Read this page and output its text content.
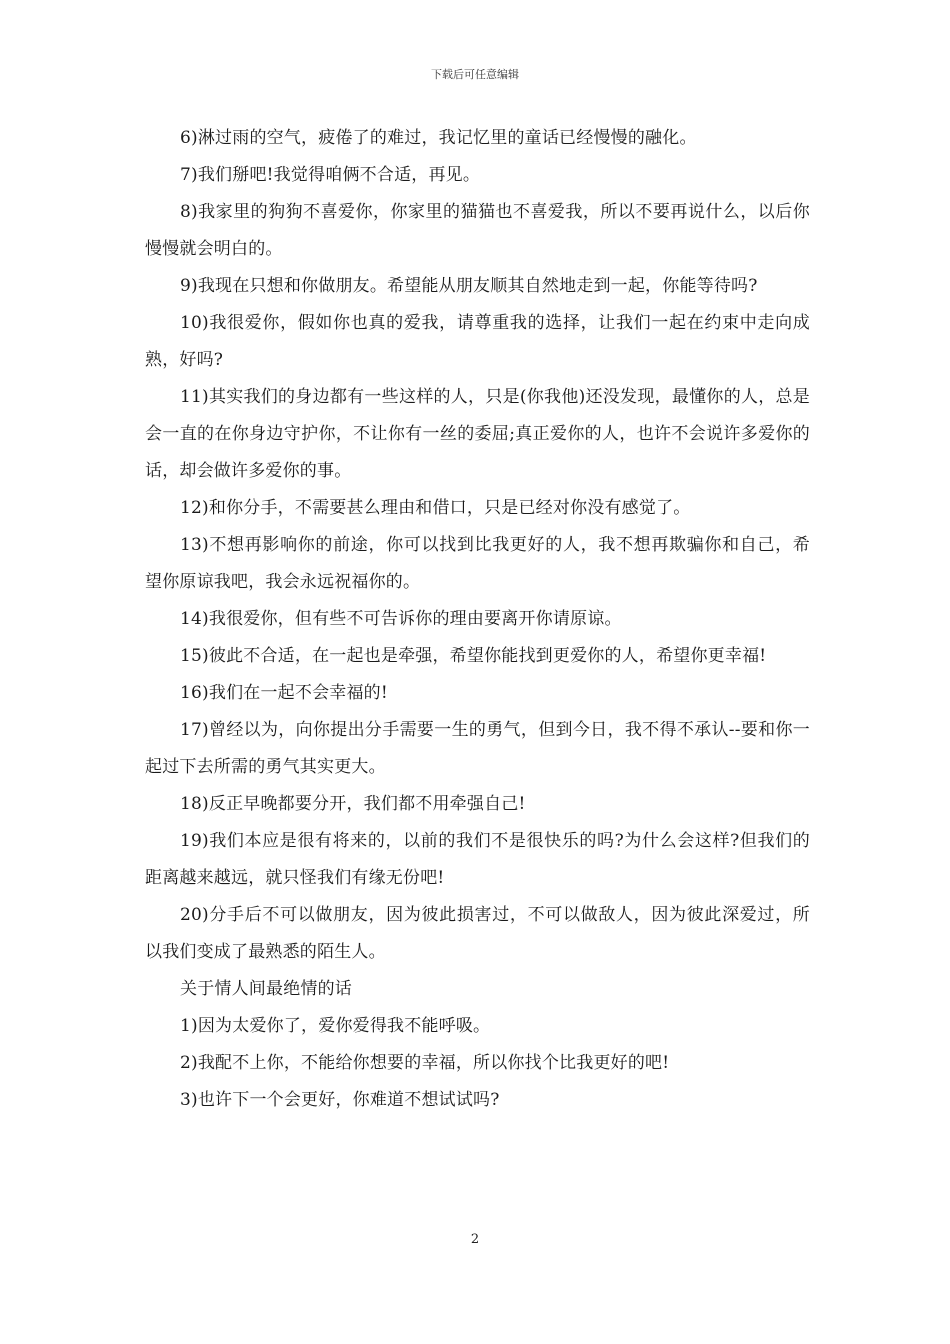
下载后可任意编辑

6)淋过雨的空气，疲倦了的难过，我记忆里的童话已经慢慢的融化。

7)我们掰吧!我觉得咱俩不合适，再见。

8)我家里的狗狗不喜爱你，你家里的猫猫也不喜爱我，所以不要再说什么，以后你慢慢就会明白的。

9)我现在只想和你做朋友。希望能从朋友顺其自然地走到一起，你能等待吗?

10)我很爱你，假如你也真的爱我，请尊重我的选择，让我们一起在约束中走向成熟，好吗?

11)其实我们的身边都有一些这样的人，只是(你我他)还没发现，最懂你的人，总是会一直的在你身边守护你，不让你有一丝的委屈;真正爱你的人，也许不会说许多爱你的话，却会做许多爱你的事。

12)和你分手，不需要甚么理由和借口，只是已经对你没有感觉了。

13)不想再影响你的前途，你可以找到比我更好的人，我不想再欺骗你和自己，希望你原谅我吧，我会永远祝福你的。

14)我很爱你，但有些不可告诉你的理由要离开你请原谅。

15)彼此不合适，在一起也是牵强，希望你能找到更爱你的人，希望你更幸福!

16)我们在一起不会幸福的!

17)曾经以为，向你提出分手需要一生的勇气，但到今日，我不得不承认--要和你一起过下去所需的勇气其实更大。

18)反正早晚都要分开，我们都不用牵强自己!

19)我们本应是很有将来的，以前的我们不是很快乐的吗?为什么会这样?但我们的距离越来越远，就只怪我们有缘无份吧!

20)分手后不可以做朋友，因为彼此损害过，不可以做敌人，因为彼此深爱过，所以我们变成了最熟悉的陌生人。

关于情人间最绝情的话

1)因为太爱你了，爱你爱得我不能呼吸。

2)我配不上你，不能给你想要的幸福，所以你找个比我更好的吧!

3)也许下一个会更好，你难道不想试试吗?

2
